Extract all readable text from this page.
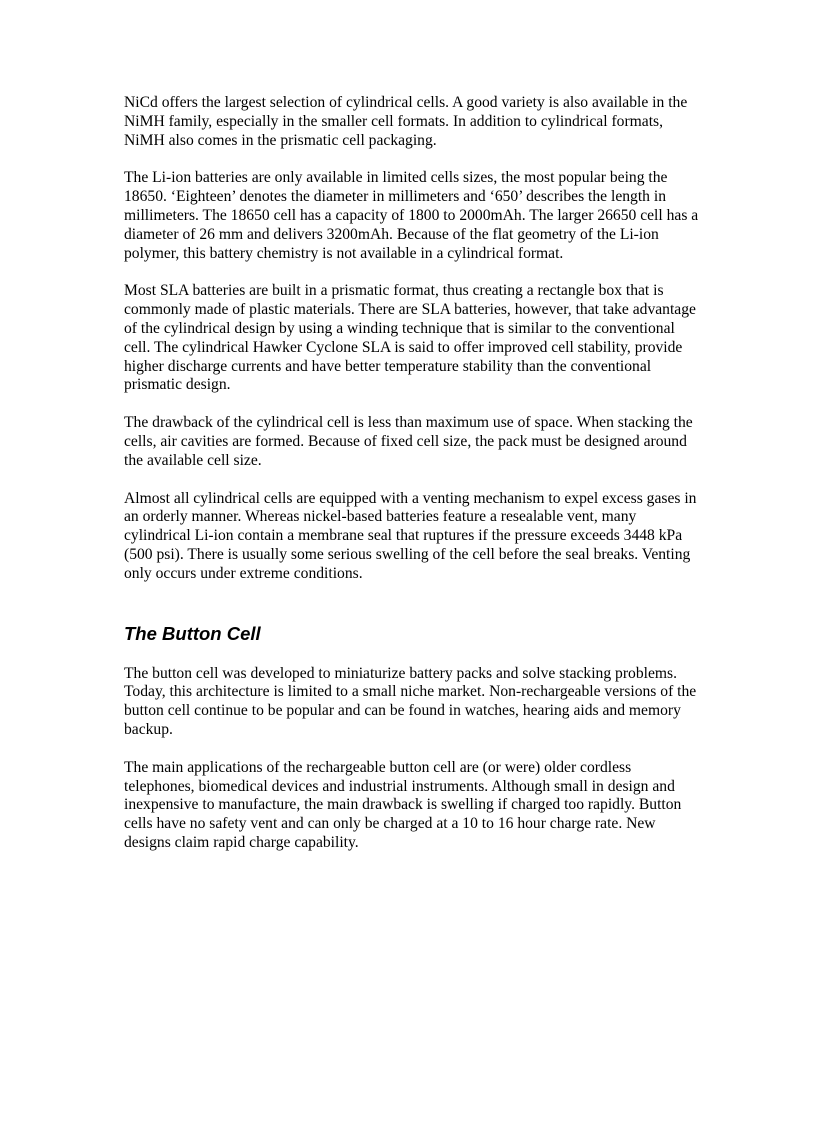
NiCd offers the largest selection of cylindrical cells. A good variety is also available in the NiMH family, especially in the smaller cell formats. In addition to cylindrical formats, NiMH also comes in the prismatic cell packaging.

The Li-ion batteries are only available in limited cells sizes, the most popular being the 18650. ‘Eighteen’ denotes the diameter in millimeters and ‘650’ describes the length in millimeters. The 18650 cell has a capacity of 1800 to 2000mAh. The larger 26650 cell has a diameter of 26 mm and delivers 3200mAh. Because of the flat geometry of the Li-ion polymer, this battery chemistry is not available in a cylindrical format.

Most SLA batteries are built in a prismatic format, thus creating a rectangle box that is commonly made of plastic materials. There are SLA batteries, however, that take advantage of the cylindrical design by using a winding technique that is similar to the conventional cell. The cylindrical Hawker Cyclone SLA is said to offer improved cell stability, provide higher discharge currents and have better temperature stability than the conventional prismatic design.

The drawback of the cylindrical cell is less than maximum use of space. When stacking the cells, air cavities are formed. Because of fixed cell size, the pack must be designed around the available cell size.

Almost all cylindrical cells are equipped with a venting mechanism to expel excess gases in an orderly manner. Whereas nickel-based batteries feature a resealable vent, many cylindrical Li-ion contain a membrane seal that ruptures if the pressure exceeds 3448 kPa (500 psi). There is usually some serious swelling of the cell before the seal breaks. Venting only occurs under extreme conditions.

The Button Cell

The button cell was developed to miniaturize battery packs and solve stacking problems. Today, this architecture is limited to a small niche market. Non-rechargeable versions of the button cell continue to be popular and can be found in watches, hearing aids and memory backup.

The main applications of the rechargeable button cell are (or were) older cordless telephones, biomedical devices and industrial instruments. Although small in design and inexpensive to manufacture, the main drawback is swelling if charged too rapidly. Button cells have no safety vent and can only be charged at a 10 to 16 hour charge rate. New designs claim rapid charge capability.
